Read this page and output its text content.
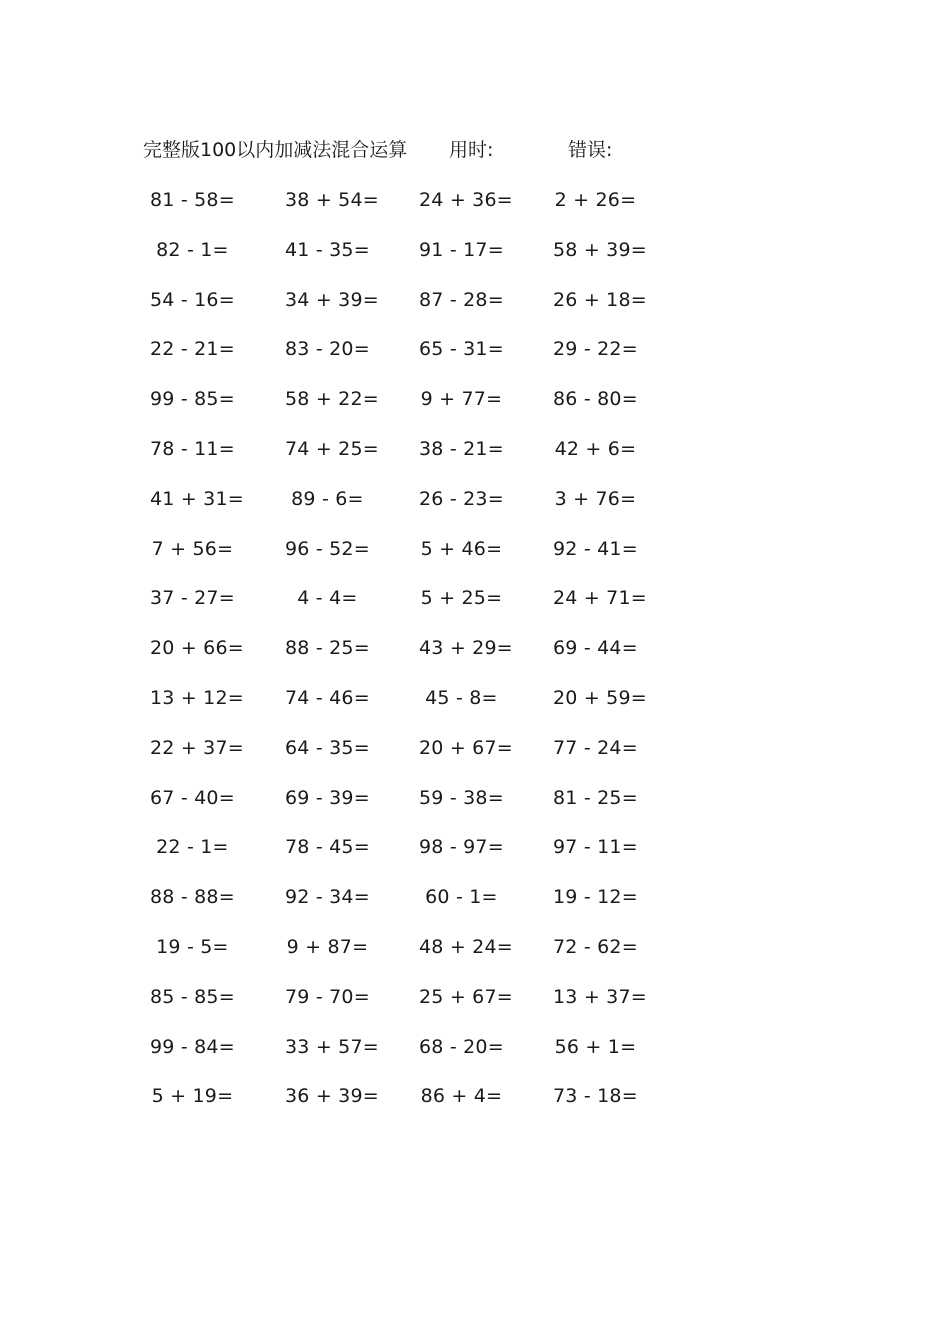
完整版100以内加减法混合运算 用时:	错误:
81 - 58=	38 + 54= 24 + 36= 2 + 26=
82 - 1=	41 - 35=	91 - 17=	58 + 39=
54 - 16=	34 + 39= 87 - 28=	26 + 18=
22 - 21=	83 - 20=	65 - 31=	29 - 22=
99 - 85=	58 + 22= 9 + 77=	86 - 80=
78 - 11=	74 + 25= 38 - 21=	42 + 6=
41 + 31= 89 - 6=	26 - 23=	3 + 76=
7 + 56=	96 - 52=	5 + 46=	92 - 41=
37 - 27=	4 - 4=	5 + 25=	24 + 71=
20 + 66= 88 - 25=	43 + 29= 69 - 44=
13 + 12= 74 - 46=	45 - 8=	20 + 59=
22 + 37= 64 - 35=	20 + 67= 77 - 24=
67 - 40=	69 - 39=	59 - 38=	81 - 25=
22 - 1=	78 - 45=	98 - 97=	97 - 11=
88 - 88=	92 - 34=	60 - 1=	19 - 12=
19 - 5=	9 + 87=	48 + 24= 72 - 62=
85 - 85=	79 - 70=	25 + 67= 13 + 37=
99 - 84=	33 + 57= 68 - 20=	56 + 1=
5 + 19=	36 + 39= 86 + 4=	73 - 18=
